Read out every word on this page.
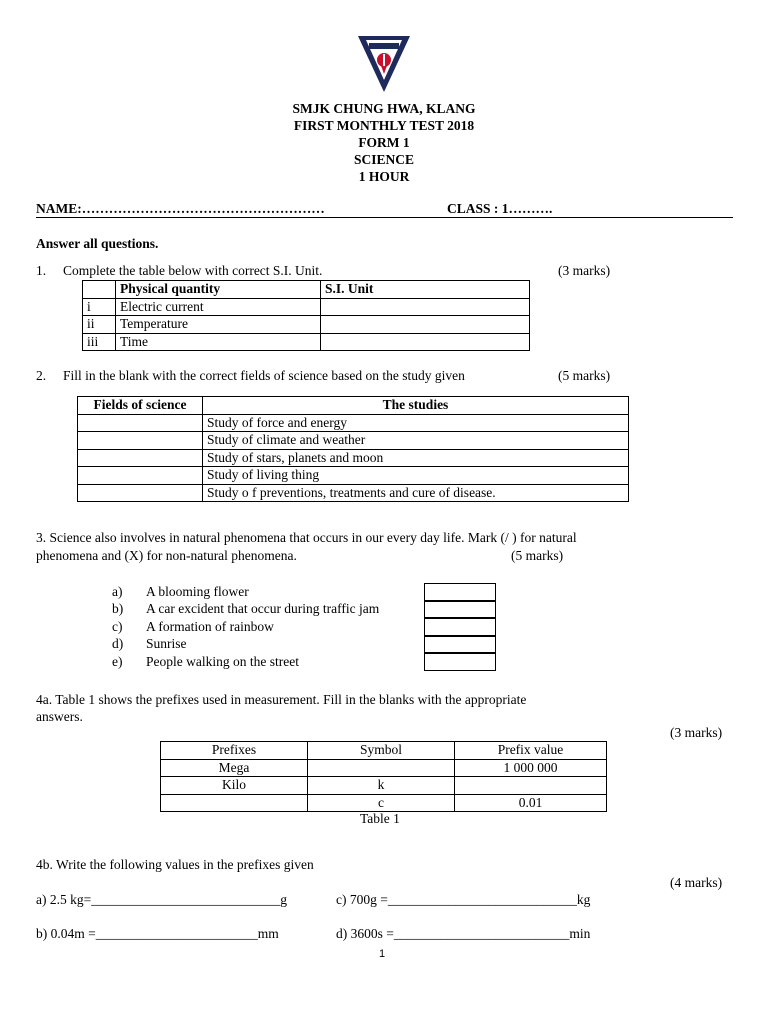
SMJK CHUNG HWA, KLANG
FIRST MONTHLY TEST 2018
FORM 1
SCIENCE
1 HOUR
NAME:………………………………………………	CLASS : 1……….
Answer all questions.
1. Complete the table below with correct S.I. Unit.	(3 marks)
	Physical quantity	S.I. Unit
i	Electric current	
ii	Temperature	
iii	Time	
2. Fill in the blank with the correct fields of science based on the study given	(5 marks)
Fields of science	The studies
	Study of force and energy
	Study of climate and weather
	Study of stars, planets and moon
	Study of living thing
	Study o f preventions, treatments and cure of disease.
3. Science also involves in natural phenomena that occurs in our every day life. Mark (/ ) for natural
phenomena and (X) for non-natural phenomena.	(5 marks)
a) A blooming flower
b) A car excident that occur during traffic jam
c) A formation of rainbow
d) Sunrise
e) People walking on the street
4a. Table 1 shows the prefixes used in measurement. Fill in the blanks with the appropriate
answers.
(3 marks)
Prefixes	Symbol	Prefix value
Mega		1 000 000
Kilo	k	
	c	0.01
Table 1
4b. Write the following values in the prefixes given
(4 marks)
a) 2.5 kg=____________________________g	c) 700g =____________________________kg
b) 0.04m =________________________mm	d) 3600s =__________________________min
1
